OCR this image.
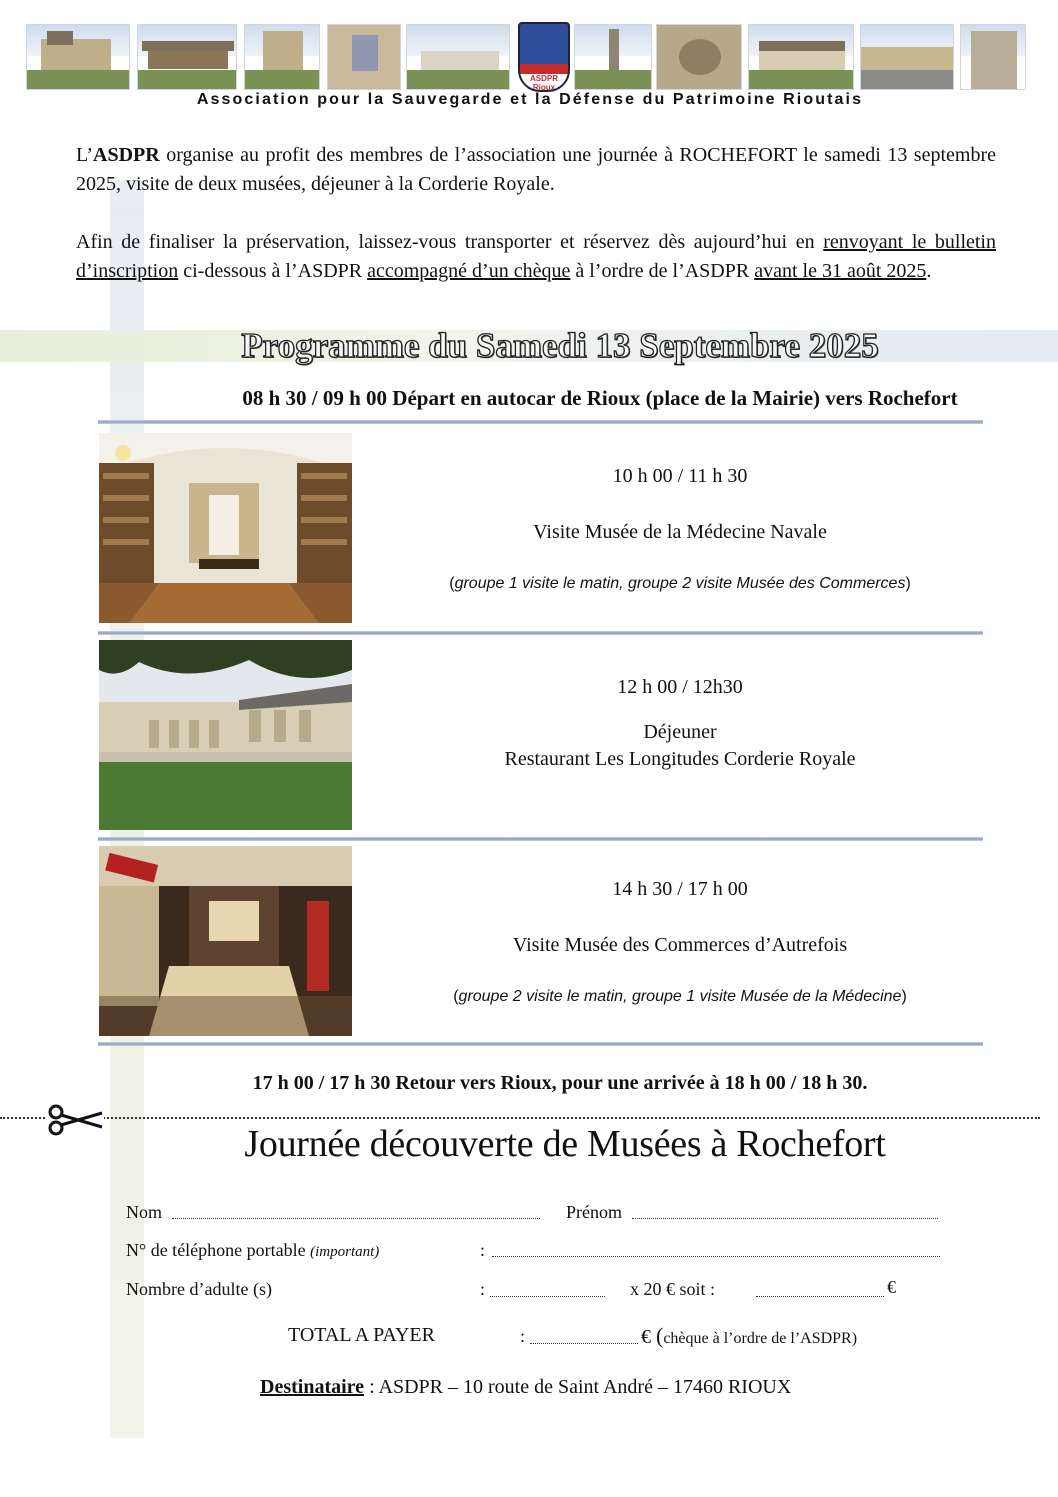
ASDPR Rioux
Association pour la Sauvegarde et la Défense du Patrimoine Rioutais
L’ASDPR organise au profit des membres de l’association une journée à ROCHEFORT le samedi 13 septembre 2025, visite de deux musées, déjeuner à la Corderie Royale.
Afin de finaliser la préservation, laissez-vous transporter et réservez dès aujourd’hui en renvoyant le bulletin d’inscription ci-dessous à l’ASDPR accompagné d’un chèque à l’ordre de l’ASDPR avant le 31 août 2025.
Programme du Samedi 13 Septembre 2025
08 h 30 / 09 h 00 Départ en autocar de Rioux (place de la Mairie) vers Rochefort
10 h 00 / 11 h 30
Visite Musée de la Médecine Navale
(groupe 1 visite le matin, groupe 2 visite Musée des Commerces)
12 h 00 / 12h30
Déjeuner
Restaurant Les Longitudes Corderie Royale
14 h 30 / 17 h 00
Visite Musée des Commerces d’Autrefois
(groupe 2 visite le matin, groupe 1 visite Musée de la Médecine)
17 h 00 / 17 h 30 Retour vers Rioux, pour une arrivée à 18 h 00 / 18 h 30.
Journée découverte de Musées à Rochefort
Nom	Prénom
N° de téléphone portable (important)	:
Nombre d’adulte (s)	:	x 20 € soit :	€
TOTAL A PAYER	:	€ (chèque à l’ordre de l’ASDPR)
Destinataire : ASDPR – 10 route de Saint André – 17460 RIOUX
